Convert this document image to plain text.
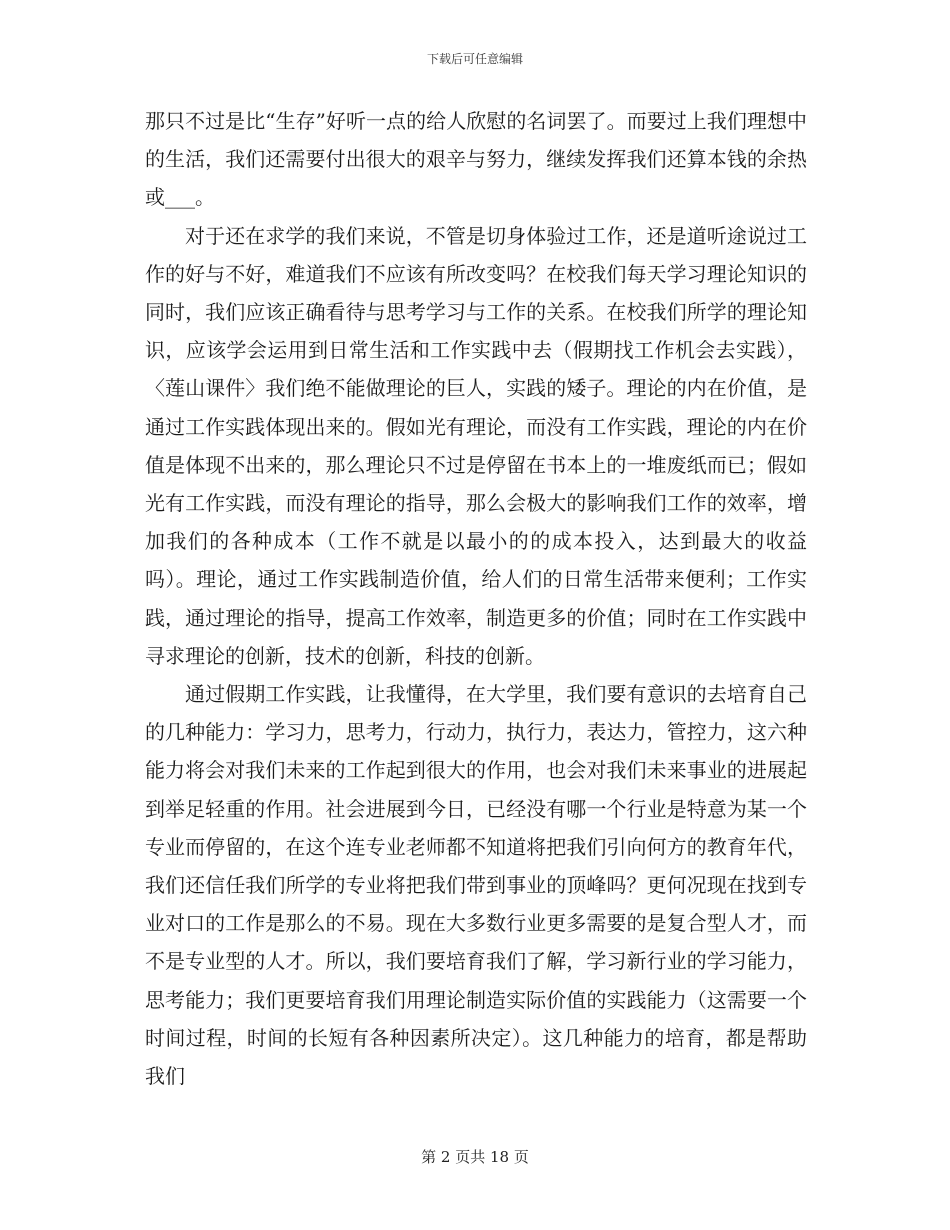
下载后可任意编辑

那只不过是比“生存”好听一点的给人欣慰的名词罢了。而要过上我们理想中的生活，我们还需要付出很大的艰辛与努力，继续发挥我们还算本钱的余热或___。

对于还在求学的我们来说，不管是切身体验过工作，还是道听途说过工作的好与不好，难道我们不应该有所改变吗？在校我们每天学习理论知识的同时，我们应该正确看待与思考学习与工作的关系。在校我们所学的理论知识，应该学会运用到日常生活和工作实践中去（假期找工作机会去实践），〈莲山课件〉我们绝不能做理论的巨人，实践的矮子。理论的内在价值，是通过工作实践体现出来的。假如光有理论，而没有工作实践，理论的内在价值是体现不出来的，那么理论只不过是停留在书本上的一堆废纸而已；假如光有工作实践，而没有理论的指导，那么会极大的影响我们工作的效率，增加我们的各种成本（工作不就是以最小的的成本投入，达到最大的收益吗）。理论，通过工作实践制造价值，给人们的日常生活带来便利；工作实践，通过理论的指导，提高工作效率，制造更多的价值；同时在工作实践中寻求理论的创新，技术的创新，科技的创新。

通过假期工作实践，让我懂得，在大学里，我们要有意识的去培育自己的几种能力：学习力，思考力，行动力，执行力，表达力，管控力，这六种能力将会对我们未来的工作起到很大的作用，也会对我们未来事业的进展起到举足轻重的作用。社会进展到今日，已经没有哪一个行业是特意为某一个专业而停留的，在这个连专业老师都不知道将把我们引向何方的教育年代，我们还信任我们所学的专业将把我们带到事业的顶峰吗？更何况现在找到专业对口的工作是那么的不易。现在大多数行业更多需要的是复合型人才，而不是专业型的人才。所以，我们要培育我们了解，学习新行业的学习能力，思考能力；我们更要培育我们用理论制造实际价值的实践能力（这需要一个时间过程，时间的长短有各种因素所决定）。这几种能力的培育，都是帮助我们

第 2 页共 18 页
